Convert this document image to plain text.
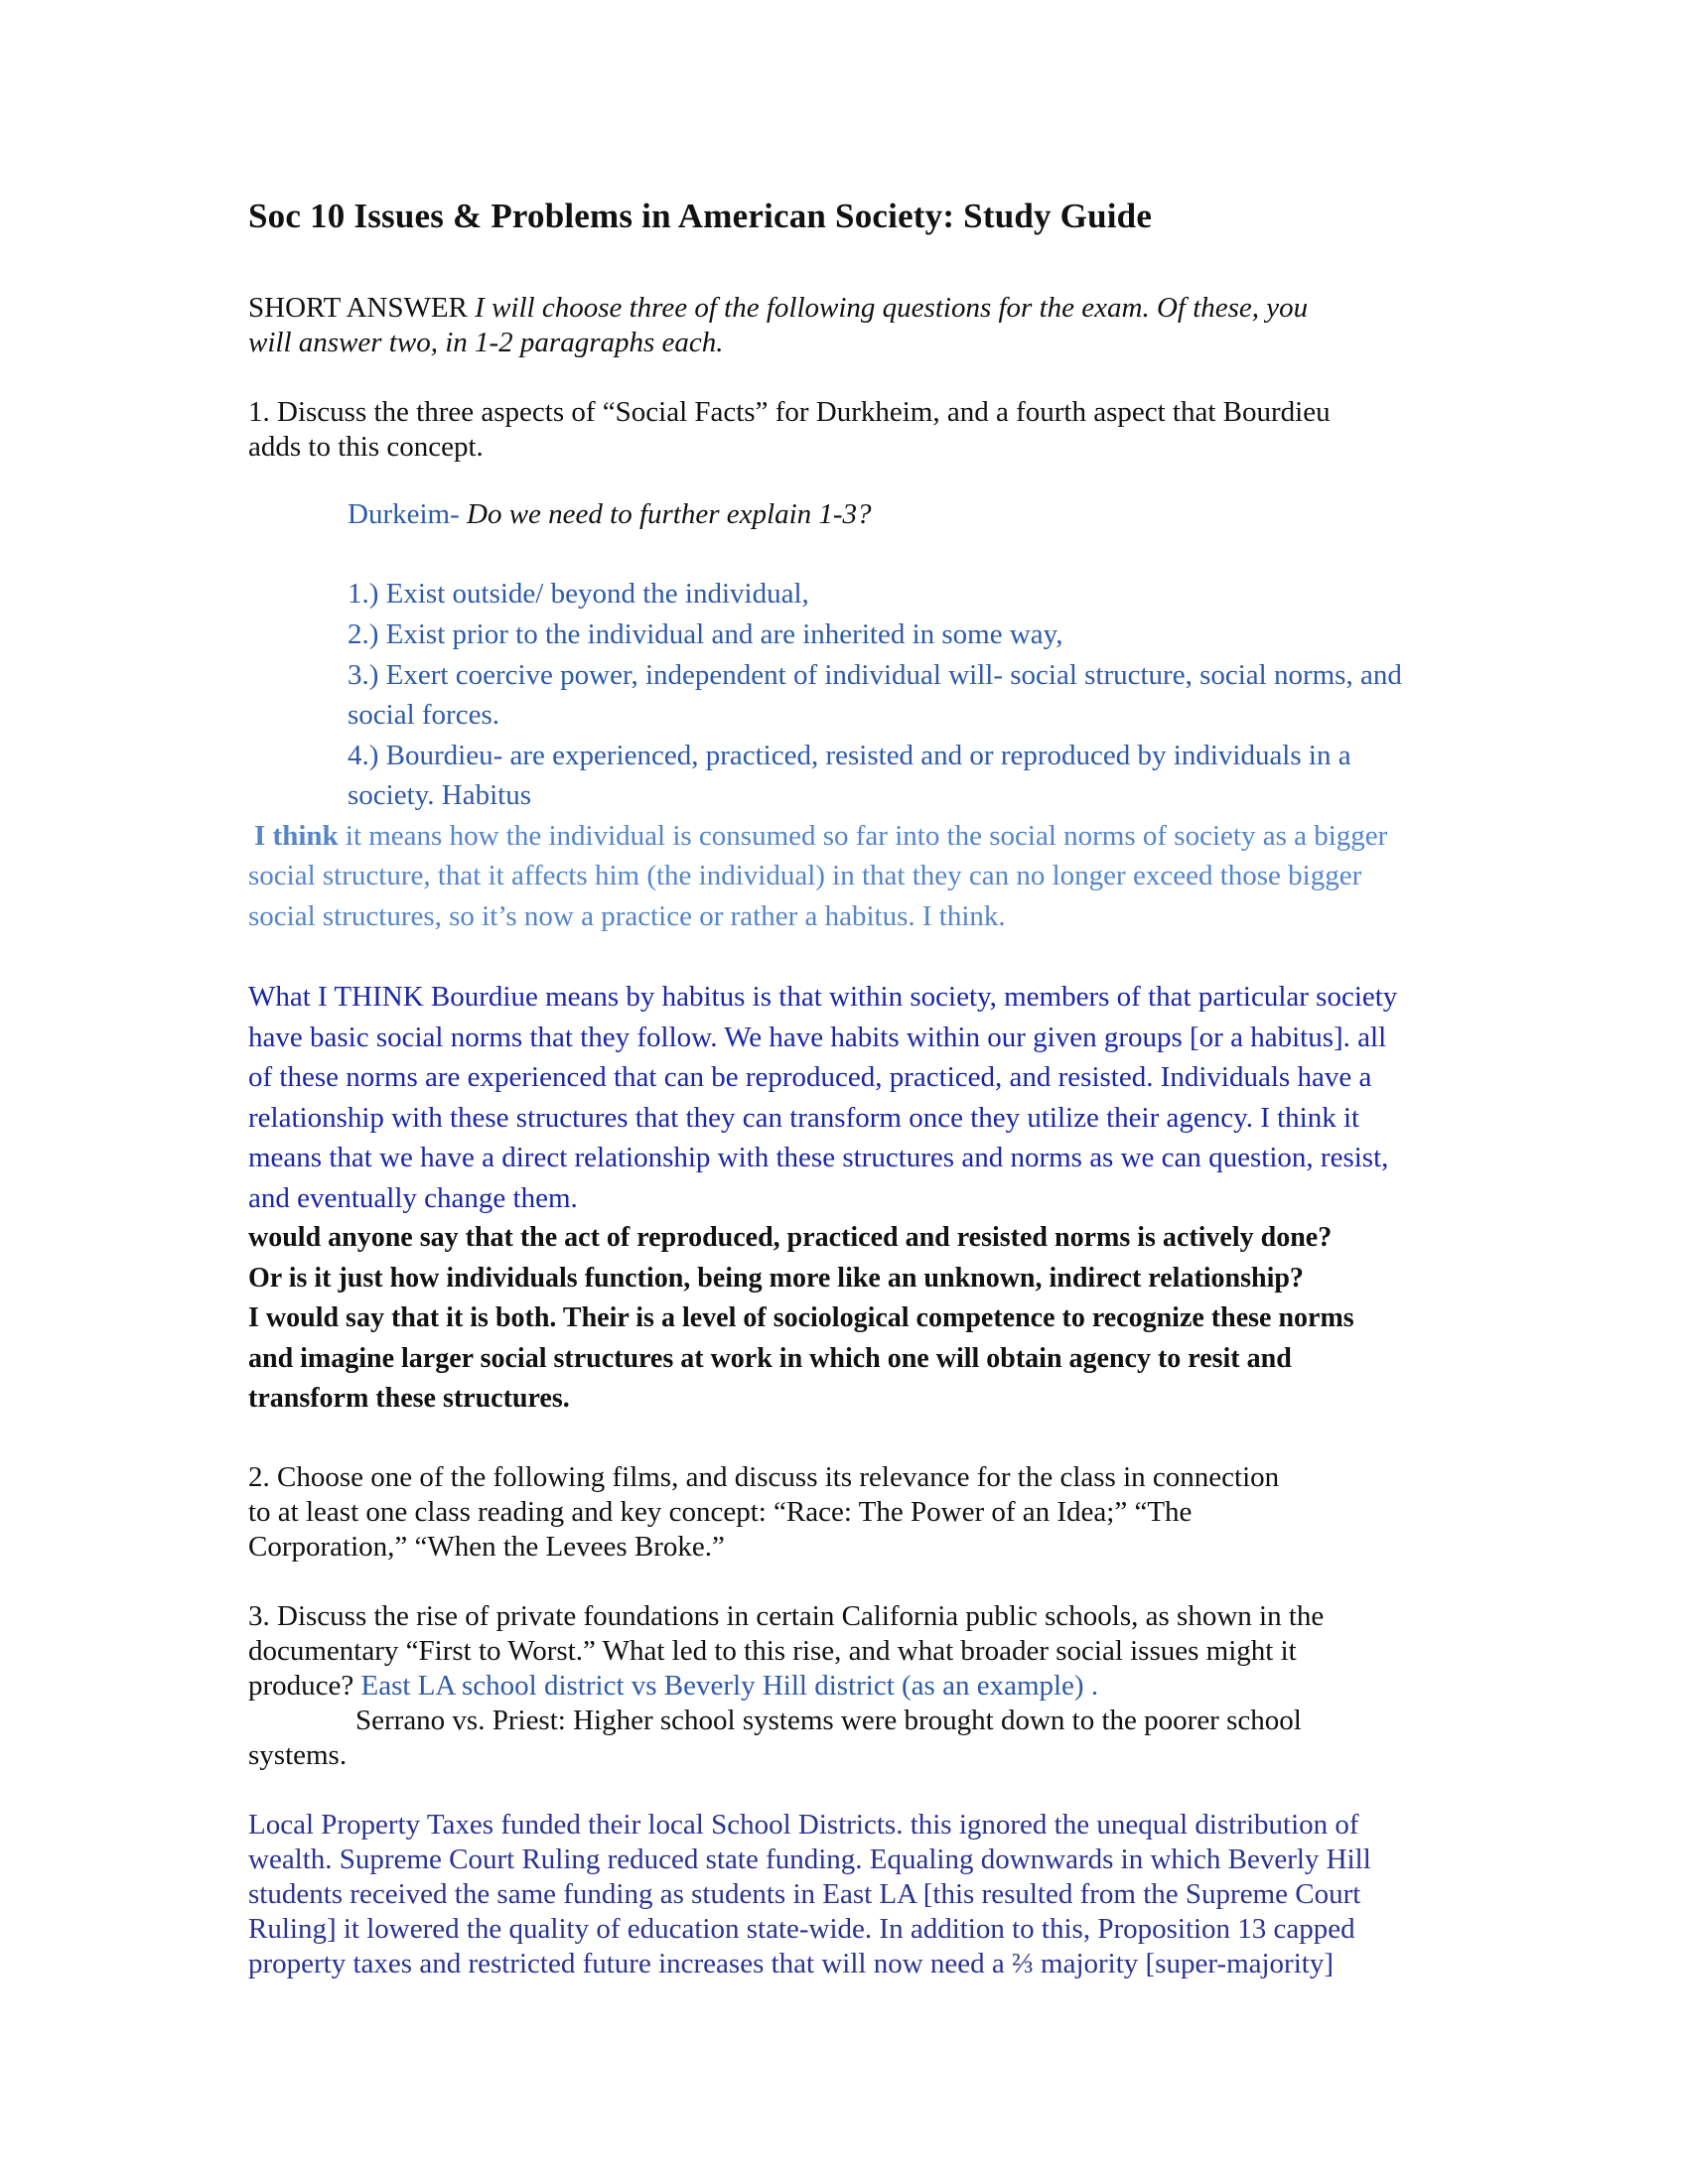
Soc 10 Issues & Problems in American Society: Study Guide
SHORT ANSWER I will choose three of the following questions for the exam. Of these, you
will answer two, in 1-2 paragraphs each.
1. Discuss the three aspects of “Social Facts” for Durkheim, and a fourth aspect that Bourdieu
adds to this concept.
Durkeim- Do we need to further explain 1-3?
1.) Exist outside/ beyond the individual,
2.) Exist prior to the individual and are inherited in some way,
3.) Exert coercive power, independent of individual will- social structure, social norms, and
social forces.
4.) Bourdieu- are experienced, practiced, resisted and or reproduced by individuals in a
society. Habitus
I think it means how the individual is consumed so far into the social norms of society as a bigger
social structure, that it affects him (the individual) in that they can no longer exceed those bigger
social structures, so it’s now a practice or rather a habitus. I think.
What I THINK Bourdiue means by habitus is that within society, members of that particular society
have basic social norms that they follow. We have habits within our given groups [or a habitus]. all
of these norms are experienced that can be reproduced, practiced, and resisted. Individuals have a
relationship with these structures that they can transform once they utilize their agency. I think it
means that we have a direct relationship with these structures and norms as we can question, resist,
and eventually change them.
would anyone say that the act of reproduced, practiced and resisted norms is actively done?
Or is it just how individuals function, being more like an unknown, indirect relationship?
I would say that it is both. Their is a level of sociological competence to recognize these norms
and imagine larger social structures at work in which one will obtain agency to resit and
transform these structures.
2. Choose one of the following films, and discuss its relevance for the class in connection
to at least one class reading and key concept: “Race: The Power of an Idea;” “The
Corporation,” “When the Levees Broke.”
3. Discuss the rise of private foundations in certain California public schools, as shown in the
documentary “First to Worst.” What led to this rise, and what broader social issues might it
produce? East LA school district vs Beverly Hill district (as an example) .
Serrano vs. Priest: Higher school systems were brought down to the poorer school
systems.
Local Property Taxes funded their local School Districts. this ignored the unequal distribution of
wealth. Supreme Court Ruling reduced state funding. Equaling downwards in which Beverly Hill
students received the same funding as students in East LA [this resulted from the Supreme Court
Ruling] it lowered the quality of education state-wide. In addition to this, Proposition 13 capped
property taxes and restricted future increases that will now need a ⅔ majority [super-majority]
